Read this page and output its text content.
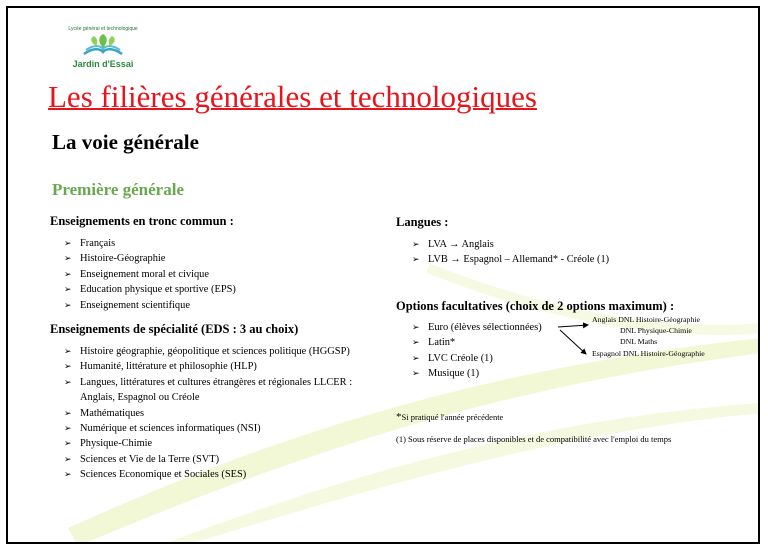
Lycée général et technologique
Jardin d'Essai
Les filières générales et technologiques
La voie générale
Première générale
Enseignements en tronc commun :
➢ Français
➢ Histoire-Géographie
➢ Enseignement moral et civique
➢ Education physique et sportive (EPS)
➢ Enseignement scientifique
Enseignements de spécialité (EDS : 3 au choix)
➢ Histoire géographie, géopolitique et sciences politique (HGGSP)
➢ Humanité, littérature et philosophie (HLP)
➢ Langues, littératures et cultures étrangères et régionales LLCER :
Anglais, Espagnol ou Créole
➢ Mathématiques
➢ Numérique et sciences informatiques (NSI)
➢ Physique-Chimie
➢ Sciences et Vie de la Terre (SVT)
➢ Sciences Economique et Sociales (SES)
Langues :
➢ LVA → Anglais
➢ LVB → Espagnol – Allemand* - Créole (1)
Options facultatives (choix de 2 options maximum) :
➢ Euro (élèves sélectionnées)
➢ Latin*
➢ LVC Créole (1)
➢ Musique (1)
Anglais DNL Histoire-Géographie
DNL Physique-Chimie
DNL Maths
Espagnol DNL Histoire-Géographie
*Si pratiqué l'année précédente
(1) Sous réserve de places disponibles et de compatibilité avec l'emploi du temps
